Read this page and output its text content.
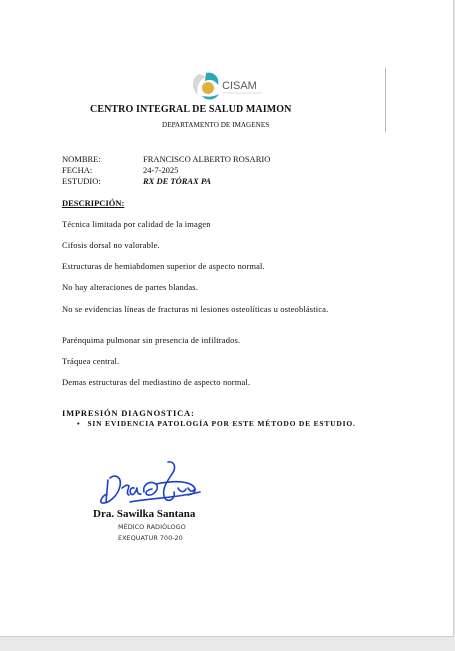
CISAM
CENTRO INTEGRAL DE SALUD MAIMON
DEPARTAMENTO DE IMAGENES
NOMBRE:	FRANCISCO ALBERTO ROSARIO
FECHA:	24-7-2025
ESTUDIO:	RX DE TÓRAX PA
DESCRIPCIÓN:
Técnica limitada por calidad de la imagen
Cifosis dorsal no valorable.
Estructuras de hemiabdomen superior de aspecto normal.
No hay alteraciones de partes blandas.
No se evidencias líneas de fracturas ni lesiones osteolíticas u osteoblástica.
Parénquima pulmonar sin presencia de infiltrados.
Tráquea central.
Demas estructuras del mediastino de aspecto normal.
IMPRESIÓN DIAGNOSTICA:
• SIN EVIDENCIA PATOLOGÍA POR ESTE MÉTODO DE ESTUDIO.
Dra. Sawilka Santana
MÉDICO RADIÓLOGO
EXEQUATUR 700-20
